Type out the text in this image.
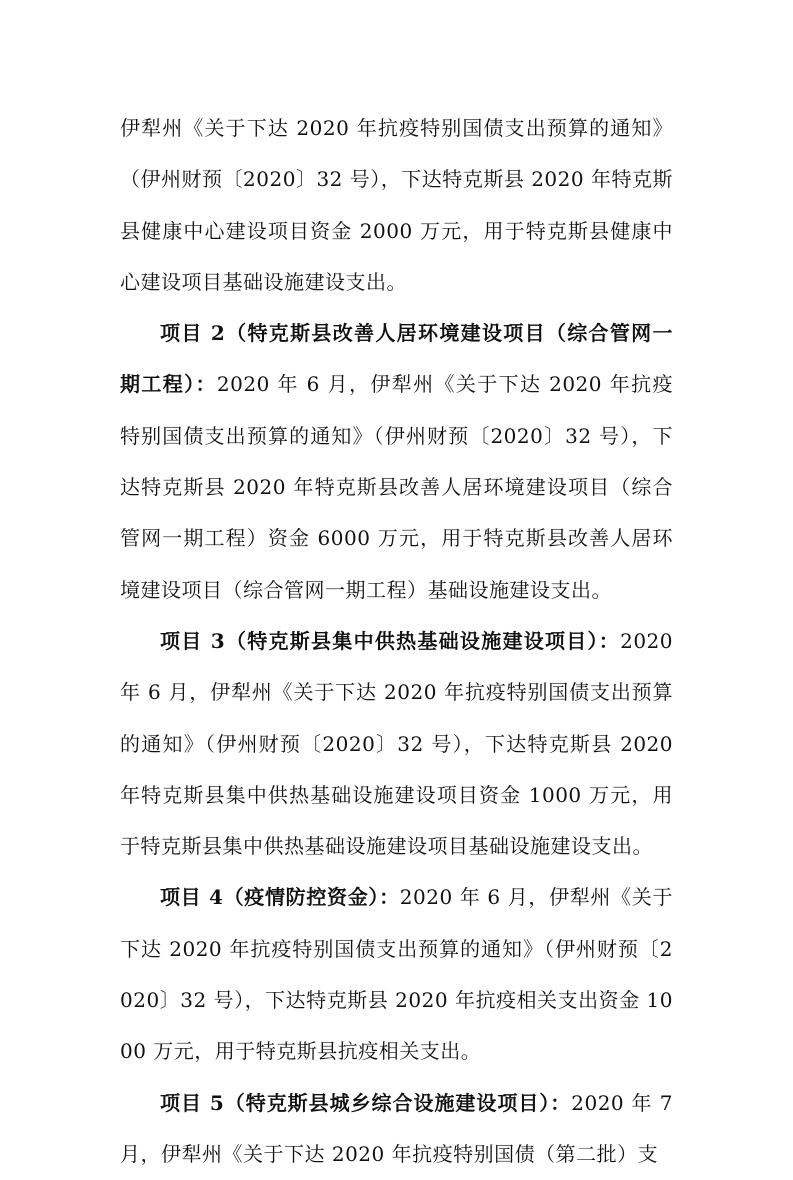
伊犁州《关于下达 2020 年抗疫特别国债支出预算的通知》（伊州财预〔2020〕32 号），下达特克斯县 2020 年特克斯县健康中心建设项目资金 2000 万元，用于特克斯县健康中心建设项目基础设施建设支出。

项目 2（特克斯县改善人居环境建设项目（综合管网一期工程）：2020 年 6 月，伊犁州《关于下达 2020 年抗疫特别国债支出预算的通知》（伊州财预〔2020〕32 号），下达特克斯县 2020 年特克斯县改善人居环境建设项目（综合管网一期工程）资金 6000 万元，用于特克斯县改善人居环境建设项目（综合管网一期工程）基础设施建设支出。

项目 3（特克斯县集中供热基础设施建设项目）：2020 年 6 月，伊犁州《关于下达 2020 年抗疫特别国债支出预算的通知》（伊州财预〔2020〕32 号），下达特克斯县 2020 年特克斯县集中供热基础设施建设项目资金 1000 万元，用于特克斯县集中供热基础设施建设项目基础设施建设支出。

项目 4（疫情防控资金）：2020 年 6 月，伊犁州《关于下达 2020 年抗疫特别国债支出预算的通知》（伊州财预〔2020〕32 号），下达特克斯县 2020 年抗疫相关支出资金 1000 万元，用于特克斯县抗疫相关支出。

项目 5（特克斯县城乡综合设施建设项目）：2020 年 7 月，伊犁州《关于下达 2020 年抗疫特别国债（第二批）支
